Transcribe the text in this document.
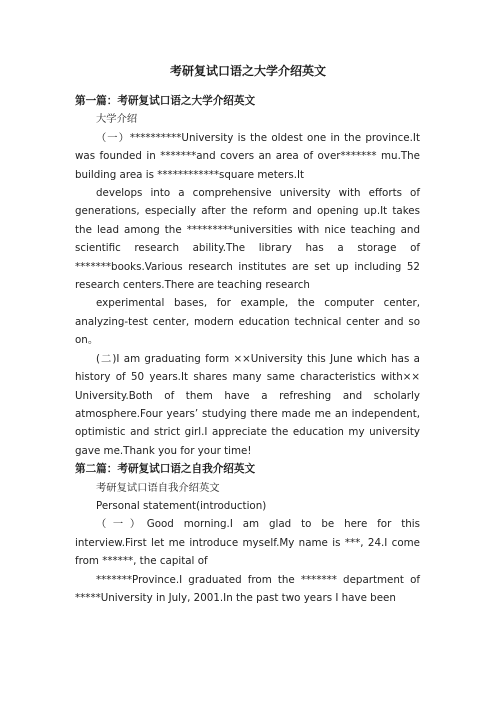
考研复试口语之大学介绍英文
第一篇：考研复试口语之大学介绍英文
大学介绍
（一）**********University is the oldest one in the province.It was founded in *******and covers an area of over******* mu.The building area is ************square meters.It
develops into a comprehensive university with efforts of generations, especially after the reform and opening up.It takes the lead among the *********universities with nice teaching and scientific research ability.The library has a storage of *******books.Various research institutes are set up including 52 research centers.There are teaching research
experimental bases, for example, the computer center, analyzing-test center, modern education technical center and so on。
(二)I am graduating form ××University this June which has a history of 50 years.It shares many same characteristics with×× University.Both of them have a refreshing and scholarly atmosphere.Four years’ studying there made me an independent, optimistic and strict girl.I appreciate the education my university gave me.Thank you for your time!
第二篇：考研复试口语之自我介绍英文
考研复试口语自我介绍英文
Personal statement(introduction)
（一）Good morning.I am glad to be here for this interview.First let me introduce myself.My name is ***, 24.I come from ******, the capital of
*******Province.I graduated from the ******* department of *****University in July, 2001.In the past two years I have been
